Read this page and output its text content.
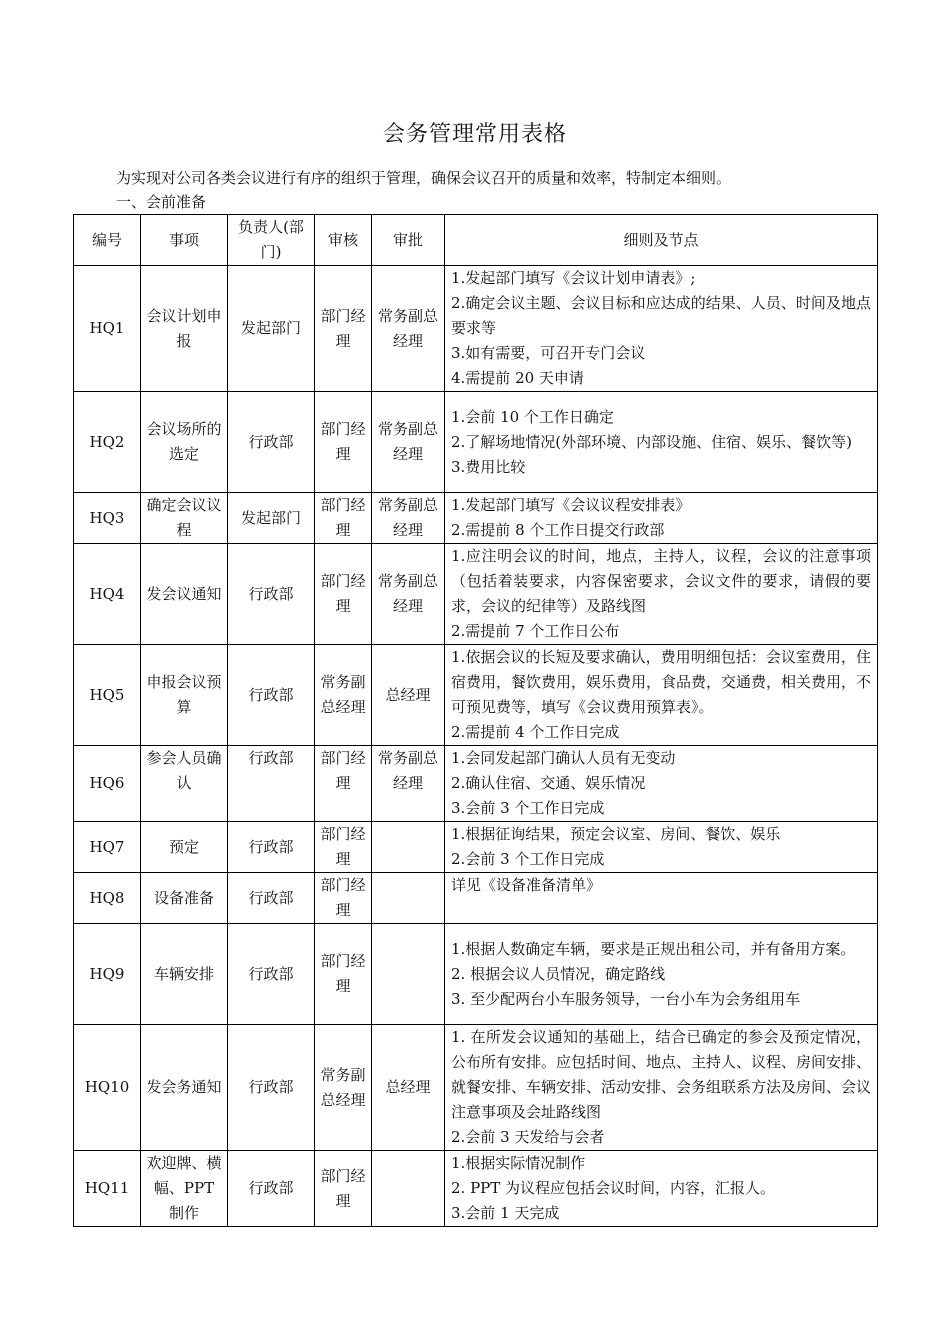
会务管理常用表格
为实现对公司各类会议进行有序的组织于管理，确保会议召开的质量和效率，特制定本细则。
一、会前准备
编号	事项	负责人(部门)	审核	审批	细则及节点
HQ1	会议计划申报	发起部门	部门经理	常务副总经理	1.发起部门填写《会议计划申请表》;
2.确定会议主题、会议目标和应达成的结果、人员、时间及地点要求等
3.如有需要，可召开专门会议
4.需提前 20 天申请

HQ2	会议场所的选定	行政部	部门经理	常务副总经理	1.会前 10 个工作日确定
2.了解场地情况(外部环境、内部设施、住宿、娱乐、餐饮等)
3.费用比较

HQ3	确定会议议程	发起部门	部门经理	常务副总经理	1.发起部门填写《会议议程安排表》
2.需提前 8 个工作日提交行政部

HQ4	发会议通知	行政部	部门经理	常务副总经理	1.应注明会议的时间，地点，主持人，议程，会议的注意事项（包括着装要求，内容保密要求，会议文件的要求，请假的要求，会议的纪律等）及路线图
2.需提前 7 个工作日公布

HQ5	申报会议预算	行政部	常务副总经理	总经理	1.依据会议的长短及要求确认，费用明细包括：会议室费用，住宿费用，餐饮费用，娱乐费用，食品费，交通费，相关费用，不可预见费等，填写《会议费用预算表》。
2.需提前 4 个工作日完成

HQ6	参会人员确认	行政部	部门经理	常务副总经理	1.会同发起部门确认人员有无变动
2.确认住宿、交通、娱乐情况
3.会前 3 个工作日完成

HQ7	预定	行政部	部门经理		1.根据征询结果，预定会议室、房间、餐饮、娱乐
2.会前 3 个工作日完成

HQ8	设备准备	行政部	部门经理		详见《设备准备清单》

HQ9	车辆安排	行政部	部门经理		1.根据人数确定车辆，要求是正规出租公司，并有备用方案。
2. 根据会议人员情况，确定路线
3. 至少配两台小车服务领导，一台小车为会务组用车

HQ10	发会务通知	行政部	常务副总经理	总经理	1. 在所发会议通知的基础上，结合已确定的参会及预定情况，公布所有安排。应包括时间、地点、主持人、议程、房间安排、就餐安排、车辆安排、活动安排、会务组联系方法及房间、会议注意事项及会址路线图
2.会前 3 天发给与会者

HQ11	欢迎牌、横幅、PPT 制作	行政部	部门经理		1.根据实际情况制作
2. PPT 为议程应包括会议时间，内容，汇报人。
3.会前 1 天完成
